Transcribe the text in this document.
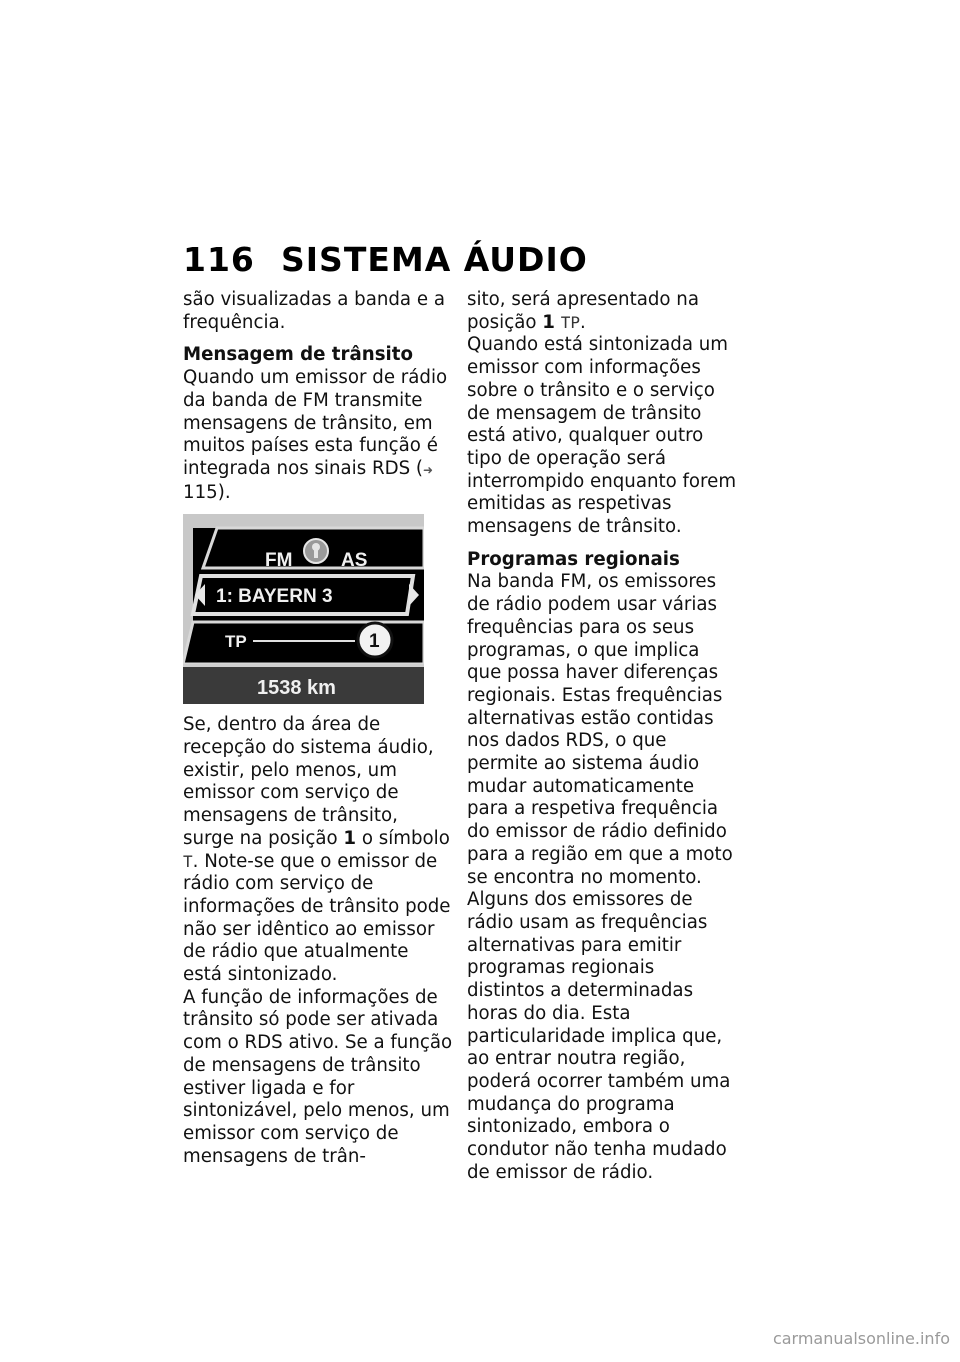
116 SISTEMA ÁUDIO

são visualizadas a banda e a frequência.

Mensagem de trânsito

Quando um emissor de rádio da banda de FM transmite mensagens de trânsito, em muitos países esta função é integrada nos sinais RDS (➜ 115).

FM	AS
1: BAYERN 3
TP	1
1538 km

Se, dentro da área de recepção do sistema áudio, existir, pelo menos, um emissor com serviço de mensagens de trânsito, surge na posição 1 o símbolo T. Note-se que o emissor de rádio com serviço de informações de trânsito pode não ser idêntico ao emissor de rádio que atualmente está sintonizado.

A função de informações de trânsito só pode ser ativada com o RDS ativo. Se a função de mensagens de trânsito estiver ligada e for sintonizável, pelo menos, um emissor com serviço de mensagens de trân-

sito, será apresentado na posição 1 TP.

Quando está sintonizada um emissor com informações sobre o trânsito e o serviço de mensagem de trânsito está ativo, qualquer outro tipo de operação será interrompido enquanto forem emitidas as respetivas mensagens de trânsito.

Programas regionais

Na banda FM, os emissores de rádio podem usar várias frequências para os seus programas, o que implica que possa haver diferenças regionais. Estas frequências alternativas estão contidas nos dados RDS, o que permite ao sistema áudio mudar automaticamente para a respetiva frequência do emissor de rádio definido para a região em que a moto se encontra no momento.

Alguns dos emissores de rádio usam as frequências alternativas para emitir programas regionais distintos a determinadas horas do dia. Esta particularidade implica que, ao entrar noutra região, poderá ocorrer também uma mudança do programa sintonizado, embora o condutor não tenha mudado de emissor de rádio.

carmanualsonline.info
